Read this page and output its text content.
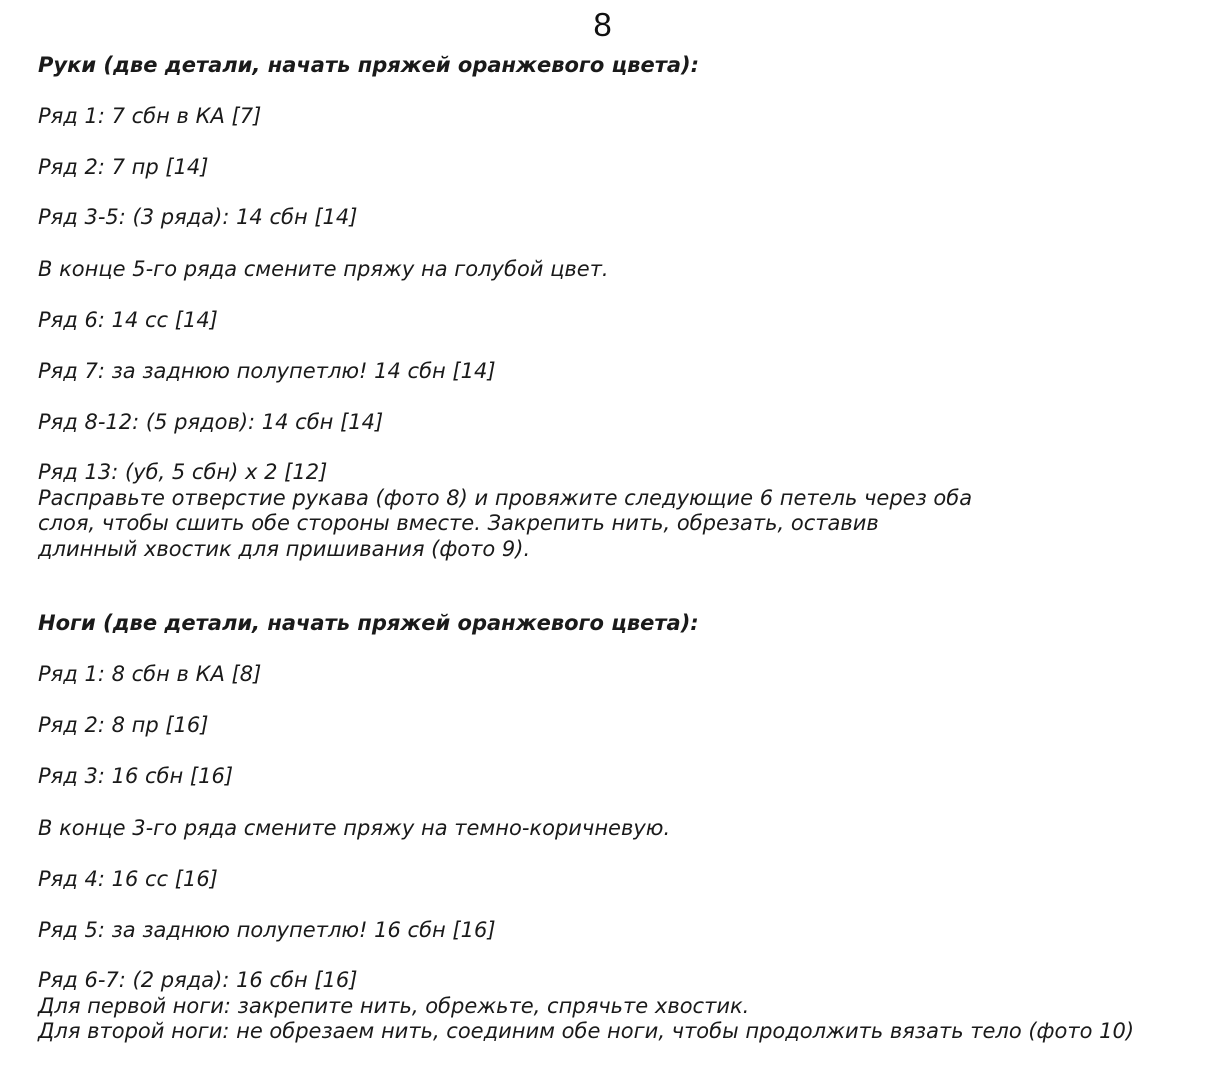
8
Руки (две детали, начать пряжей оранжевого цвета):
Ряд 1: 7 сбн в КА [7]
Ряд 2: 7 пр [14]
Ряд 3-5: (3 ряда): 14 сбн [14]
В конце 5-го ряда смените пряжу на голубой цвет.
Ряд 6: 14 сс [14]
Ряд 7: за заднюю полупетлю! 14 сбн [14]
Ряд 8-12: (5 рядов): 14 сбн [14]
Ряд 13: (уб, 5 сбн) x 2 [12]
Расправьте отверстие рукава (фото 8) и провяжите следующие 6 петель через оба
слоя, чтобы сшить обе стороны вместе. Закрепить нить, обрезать, оставив
длинный хвостик для пришивания (фото 9).
Ноги (две детали, начать пряжей оранжевого цвета):
Ряд 1: 8 сбн в КА [8]
Ряд 2: 8 пр [16]
Ряд 3: 16 сбн [16]
В конце 3-го ряда смените пряжу на темно-коричневую.
Ряд 4: 16 сс [16]
Ряд 5: за заднюю полупетлю! 16 сбн [16]
Ряд 6-7: (2 ряда): 16 сбн [16]
Для первой ноги: закрепите нить, обрежьте, спрячьте хвостик.
Для второй ноги: не обрезаем нить, соединим обе ноги, чтобы продолжить вязать тело (фото 10)
